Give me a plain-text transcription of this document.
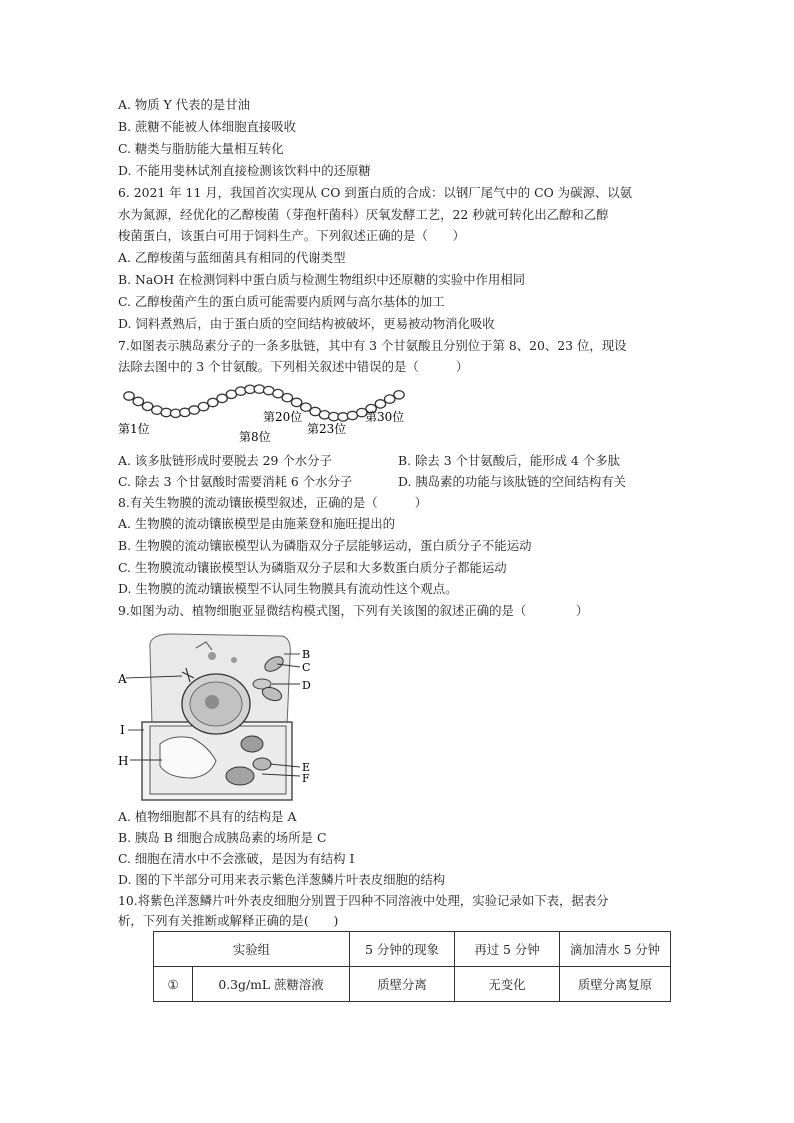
A. 物质 Y 代表的是甘油
B. 蔗糖不能被人体细胞直接吸收
C. 糖类与脂肪能大量相互转化
D. 不能用斐林试剂直接检测该饮料中的还原糖
6. 2021 年 11 月，我国首次实现从 CO 到蛋白质的合成：以钢厂尾气中的 CO 为碳源、以氨
水为氮源，经优化的乙醇梭菌（芽孢杆菌科）厌氧发酵工艺，22 秒就可转化出乙醇和乙醇
梭菌蛋白，该蛋白可用于饲料生产。下列叙述正确的是（　　）
A. 乙醇梭菌与蓝细菌具有相同的代谢类型
B. NaOH 在检测饲料中蛋白质与检测生物组织中还原糖的实验中作用相同
C. 乙醇梭菌产生的蛋白质可能需要内质网与高尔基体的加工
D. 饲料煮熟后，由于蛋白质的空间结构被破坏，更易被动物消化吸收
7.如图表示胰岛素分子的一条多肽链，其中有 3 个甘氨酸且分别位于第 8、20、23 位，现设
法除去图中的 3 个甘氨酸。下列相关叙述中错误的是（　　　）
第1位
第8位
第20位
第23位
第30位
A. 该多肽链形成时要脱去 29 个水分子	B. 除去 3 个甘氨酸后，能形成 4 个多肽
C. 除去 3 个甘氨酸时需要消耗 6 个水分子	D. 胰岛素的功能与该肽链的空间结构有关
8.有关生物膜的流动镶嵌模型叙述，正确的是（　　　）
A. 生物膜的流动镶嵌模型是由施莱登和施旺提出的
B. 生物膜的流动镶嵌模型认为磷脂双分子层能够运动，蛋白质分子不能运动
C. 生物膜流动镶嵌模型认为磷脂双分子层和大多数蛋白质分子都能运动
D. 生物膜的流动镶嵌模型不认同生物膜具有流动性这个观点。
9.如图为动、植物细胞亚显微结构模式图，下列有关该图的叙述正确的是（　　　　）
A
B
C
D
I
H	E
F
A. 植物细胞都不具有的结构是 A
B. 胰岛 B 细胞合成胰岛素的场所是 C
C. 细胞在清水中不会涨破，是因为有结构 I
D. 图的下半部分可用来表示紫色洋葱鳞片叶表皮细胞的结构
10.将紫色洋葱鳞片叶外表皮细胞分别置于四种不同溶液中处理，实验记录如下表，据表分
析，下列有关推断或解释正确的是(　　)
实验组		5 分钟的现象	再过 5 分钟	滴加清水 5 分钟
①	0.3g/mL 蔗糖溶液	质壁分离	无变化	质壁分离复原
